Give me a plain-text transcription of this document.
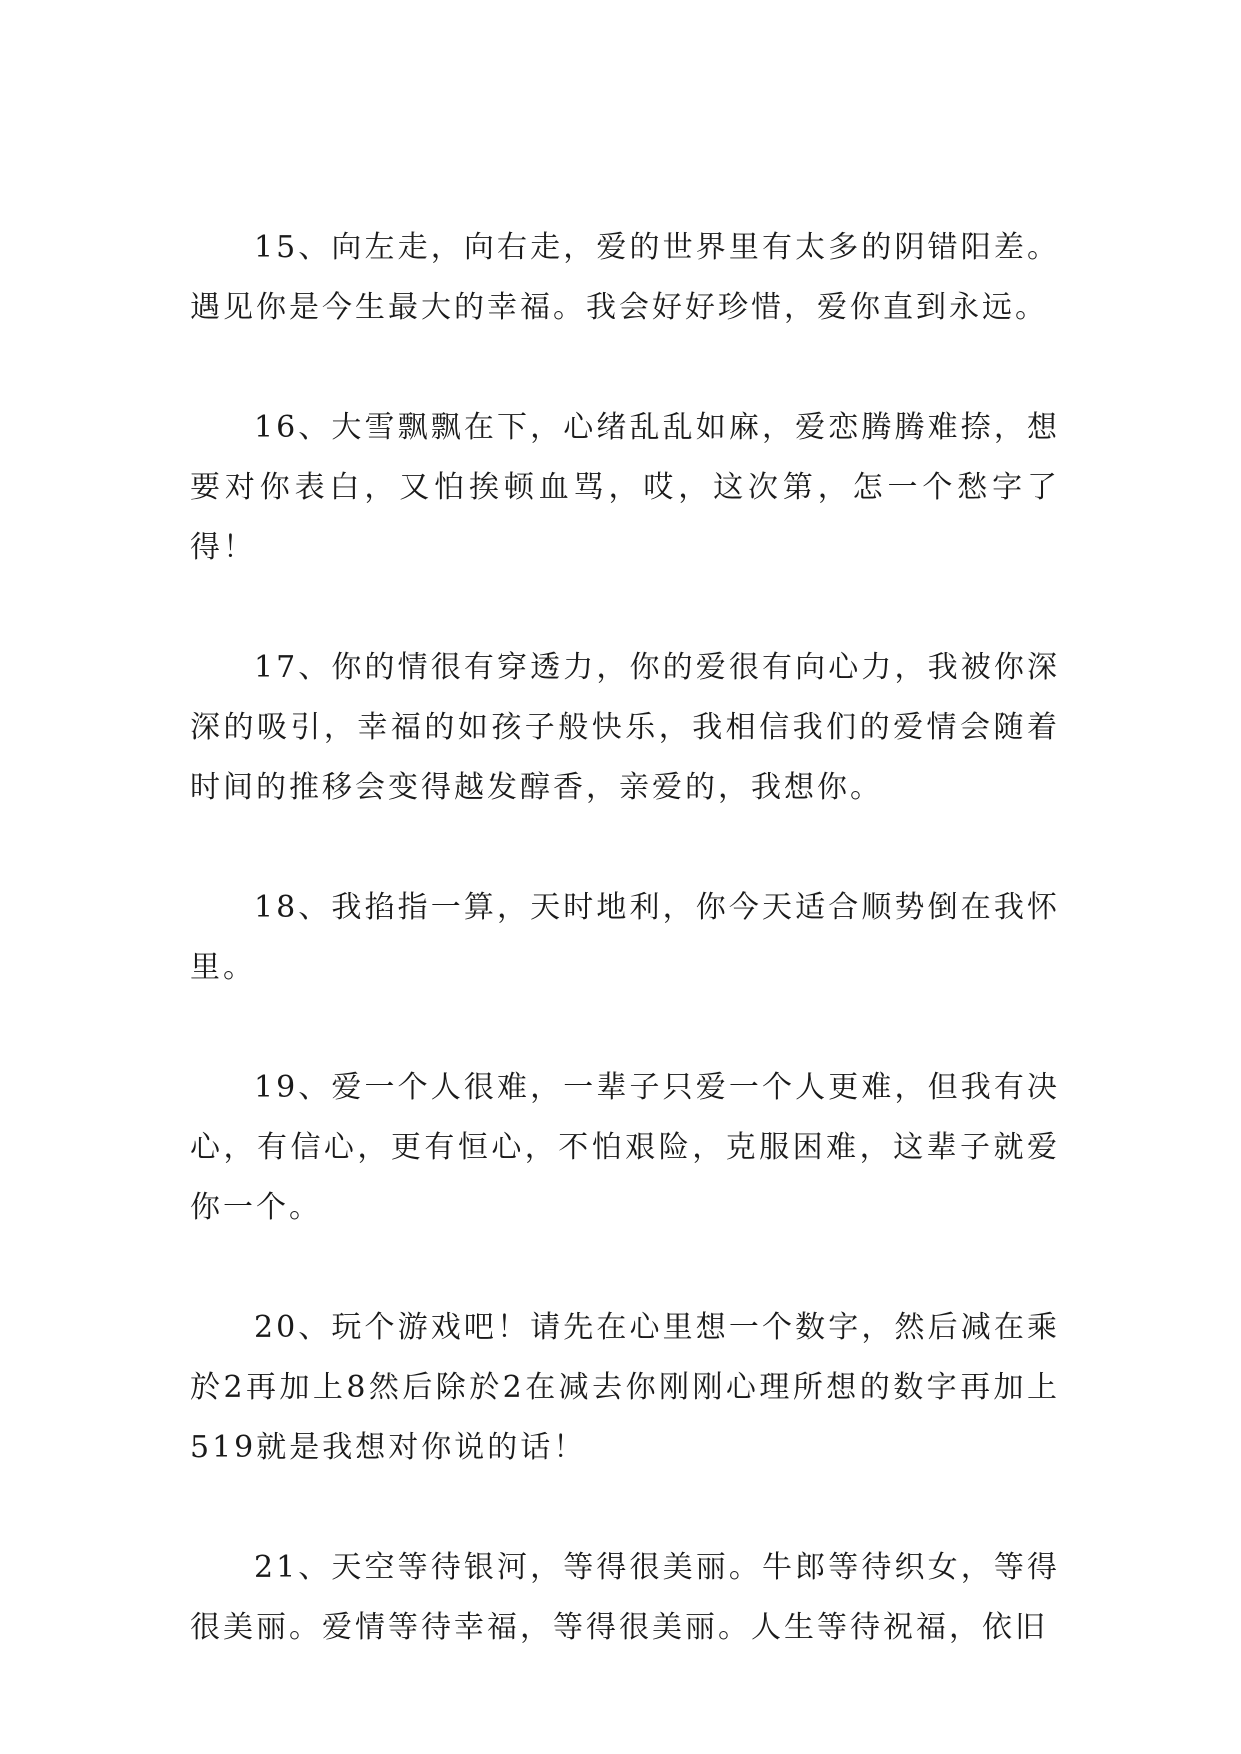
15、向左走，向右走，爱的世界里有太多的阴错阳差。遇见你是今生最大的幸福。我会好好珍惜，爱你直到永远。

16、大雪飘飘在下，心绪乱乱如麻，爱恋腾腾难捺，想要对你表白，又怕挨顿血骂，哎，这次第，怎一个愁字了得！

17、你的情很有穿透力，你的爱很有向心力，我被你深深的吸引，幸福的如孩子般快乐，我相信我们的爱情会随着时间的推移会变得越发醇香，亲爱的，我想你。

18、我掐指一算，天时地利，你今天适合顺势倒在我怀里。

19、爱一个人很难，一辈子只爱一个人更难，但我有决心，有信心，更有恒心，不怕艰险，克服困难，这辈子就爱你一个。

20、玩个游戏吧！请先在心里想一个数字，然后减在乘於2再加上8然后除於2在减去你刚刚心理所想的数字再加上519就是我想对你说的话！

21、天空等待银河，等得很美丽。牛郎等待织女，等得很美丽。爱情等待幸福，等得很美丽。人生等待祝福，依旧
